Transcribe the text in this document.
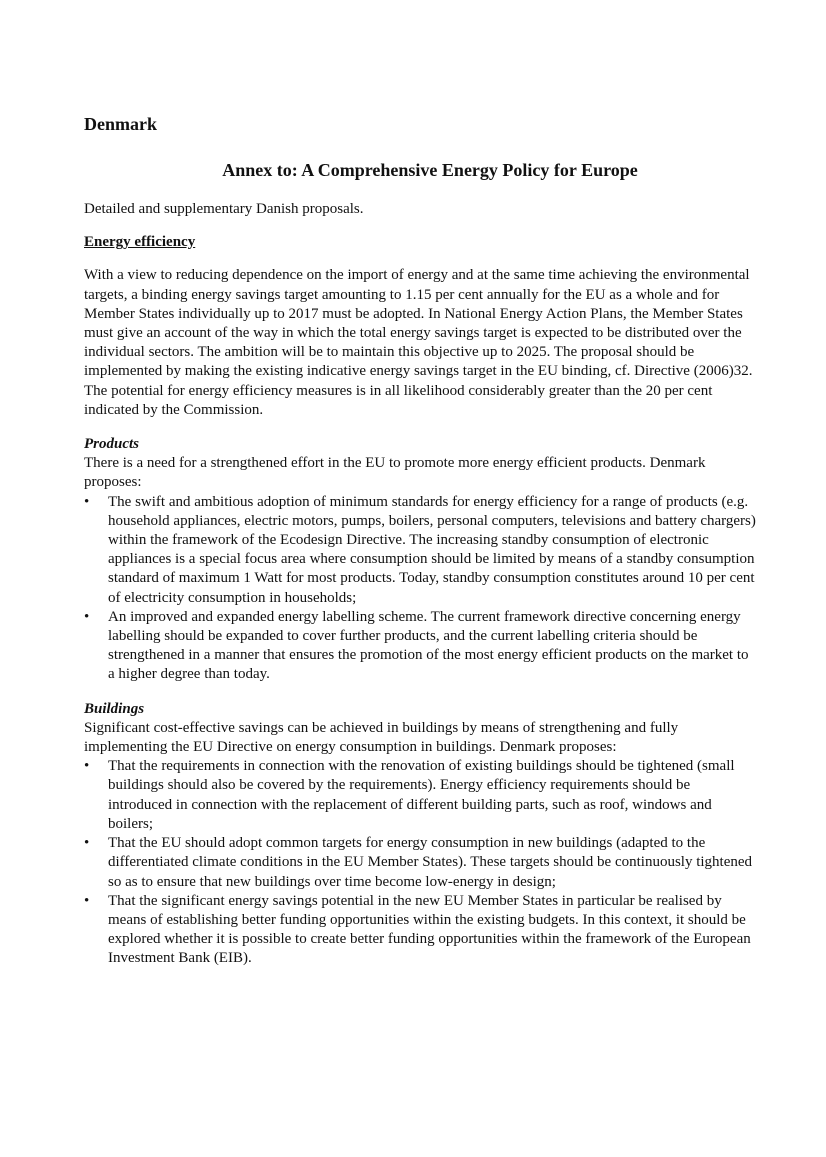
Denmark
Annex to: A Comprehensive Energy Policy for Europe
Detailed and supplementary Danish proposals.
Energy efficiency
With a view to reducing dependence on the import of energy and at the same time achieving the environmental targets, a binding energy savings target amounting to 1.15 per cent annually for the EU as a whole and for Member States individually up to 2017 must be adopted. In National Energy Action Plans, the Member States must give an account of the way in which the total energy savings target is expected to be distributed over the individual sectors. The ambition will be to maintain this objective up to 2025. The proposal should be implemented by making the existing indicative energy savings target in the EU binding, cf. Directive (2006)32. The potential for energy efficiency measures is in all likelihood considerably greater than the 20 per cent indicated by the Commission.
Products
There is a need for a strengthened effort in the EU to promote more energy efficient products. Denmark proposes:
• The swift and ambitious adoption of minimum standards for energy efficiency for a range of products (e.g. household appliances, electric motors, pumps, boilers, personal computers, televisions and battery chargers) within the framework of the Ecodesign Directive. The increasing standby consumption of electronic appliances is a special focus area where consumption should be limited by means of a standby consumption standard of maximum 1 Watt for most products. Today, standby consumption constitutes around 10 per cent of electricity consumption in households;
• An improved and expanded energy labelling scheme. The current framework directive concerning energy labelling should be expanded to cover further products, and the current labelling criteria should be strengthened in a manner that ensures the promotion of the most energy efficient products on the market to a higher degree than today.
Buildings
Significant cost-effective savings can be achieved in buildings by means of strengthening and fully implementing the EU Directive on energy consumption in buildings. Denmark proposes:
• That the requirements in connection with the renovation of existing buildings should be tightened (small buildings should also be covered by the requirements). Energy efficiency requirements should be introduced in connection with the replacement of different building parts, such as roof, windows and boilers;
• That the EU should adopt common targets for energy consumption in new buildings (adapted to the differentiated climate conditions in the EU Member States). These targets should be continuously tightened so as to ensure that new buildings over time become low-energy in design;
• That the significant energy savings potential in the new EU Member States in particular be realised by means of establishing better funding opportunities within the existing budgets. In this context, it should be explored whether it is possible to create better funding opportunities within the framework of the European Investment Bank (EIB).
